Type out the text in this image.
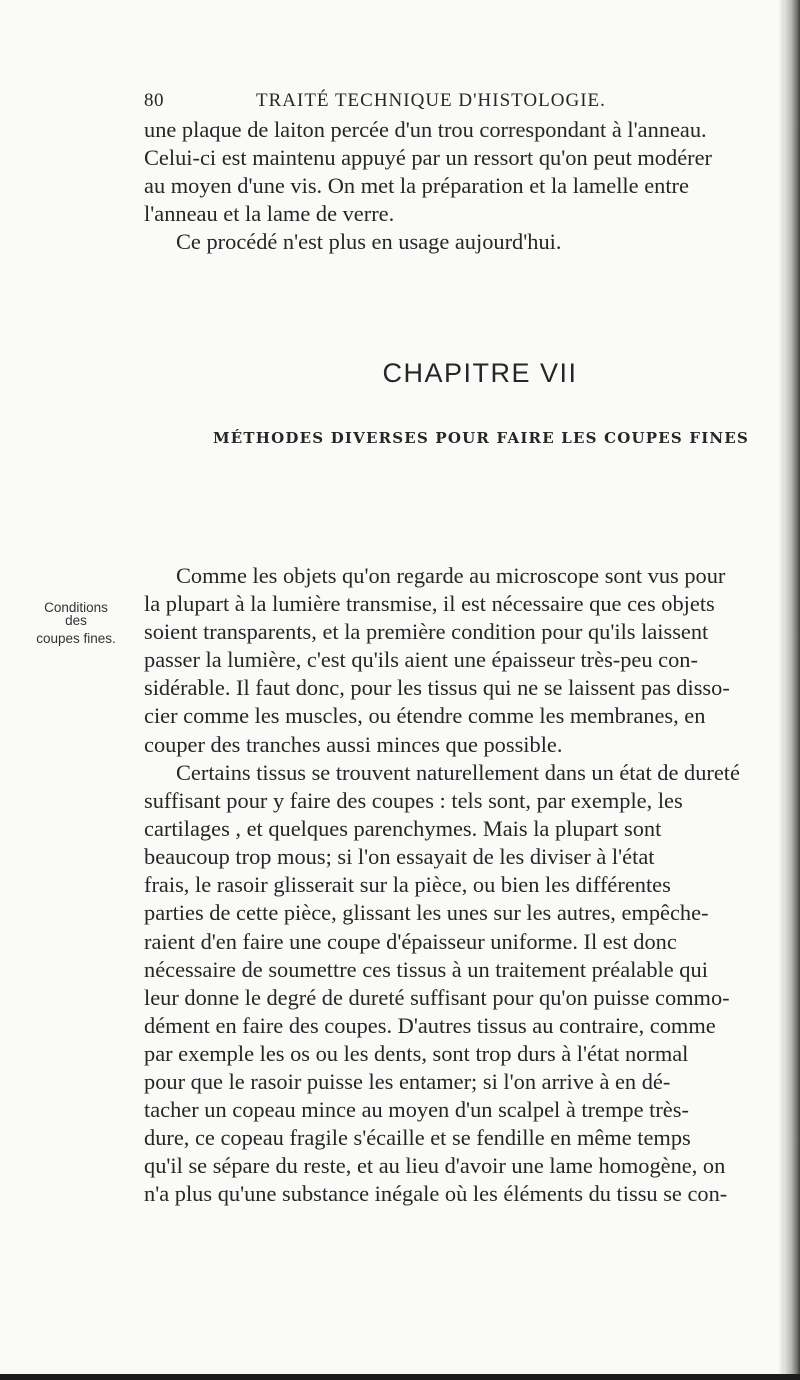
80	TRAITÉ TECHNIQUE D'HISTOLOGIE.
une plaque de laiton percée d'un trou correspondant à l'anneau.
Celui-ci est maintenu appuyé par un ressort qu'on peut modérer
au moyen d'une vis. On met la préparation et la lamelle entre
l'anneau et la lame de verre.
Ce procédé n'est plus en usage aujourd'hui.
CHAPITRE VII
MÉTHODES DIVERSES POUR FAIRE LES COUPES FINES
Conditions
des
coupes fines.
Comme les objets qu'on regarde au microscope sont vus pour
la plupart à la lumière transmise, il est nécessaire que ces objets
soient transparents, et la première condition pour qu'ils laissent
passer la lumière, c'est qu'ils aient une épaisseur très-peu con-
sidérable. Il faut donc, pour les tissus qui ne se laissent pas disso-
cier comme les muscles, ou étendre comme les membranes, en
couper des tranches aussi minces que possible.
Certains tissus se trouvent naturellement dans un état de dureté
suffisant pour y faire des coupes : tels sont, par exemple, les
cartilages , et quelques parenchymes. Mais la plupart sont
beaucoup trop mous; si l'on essayait de les diviser à l'état
frais, le rasoir glisserait sur la pièce, ou bien les différentes
parties de cette pièce, glissant les unes sur les autres, empêche-
raient d'en faire une coupe d'épaisseur uniforme. Il est donc
nécessaire de soumettre ces tissus à un traitement préalable qui
leur donne le degré de dureté suffisant pour qu'on puisse commo-
dément en faire des coupes. D'autres tissus au contraire, comme
par exemple les os ou les dents, sont trop durs à l'état normal
pour que le rasoir puisse les entamer; si l'on arrive à en dé-
tacher un copeau mince au moyen d'un scalpel à trempe très-
dure, ce copeau fragile s'écaille et se fendille en même temps
qu'il se sépare du reste, et au lieu d'avoir une lame homogène, on
n'a plus qu'une substance inégale où les éléments du tissu se con-
